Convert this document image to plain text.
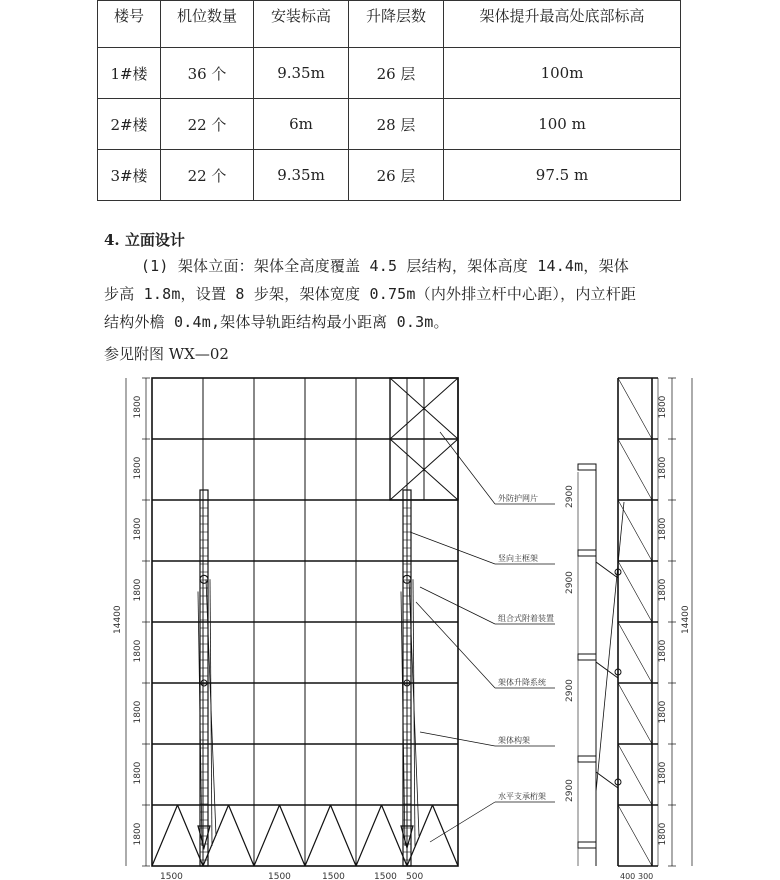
楼号	机位数量	安装标高	升降层数	架体提升最高处底部标高
1#楼	36 个	9.35m	26 层	100m
2#楼	22 个	6m	28 层	100 m
3#楼	22 个	9.35m	26 层	97.5 m
4. 立面设计
(1) 架体立面：架体全高度覆盖 4.5 层结构，架体高度 14.4m，架体
步高 1.8m，设置 8 步架，架体宽度 0.75m（内外排立杆中心距），内立杆距
结构外檐 0.4m,架体导轨距结构最小距离 0.3m。
参见附图 WX—02
外防护网片
竖向主框架
组合式附着装置
架体升降系统
架体构架
水平支承桁架
1800
1800
1800
1800
1800
1800
1800
1800
14400
1500	1500	1500	1500 500
1800
1800
1800
1800
1800
1800
1800
1800
14400
2900
2900
2900
2900
400 300
